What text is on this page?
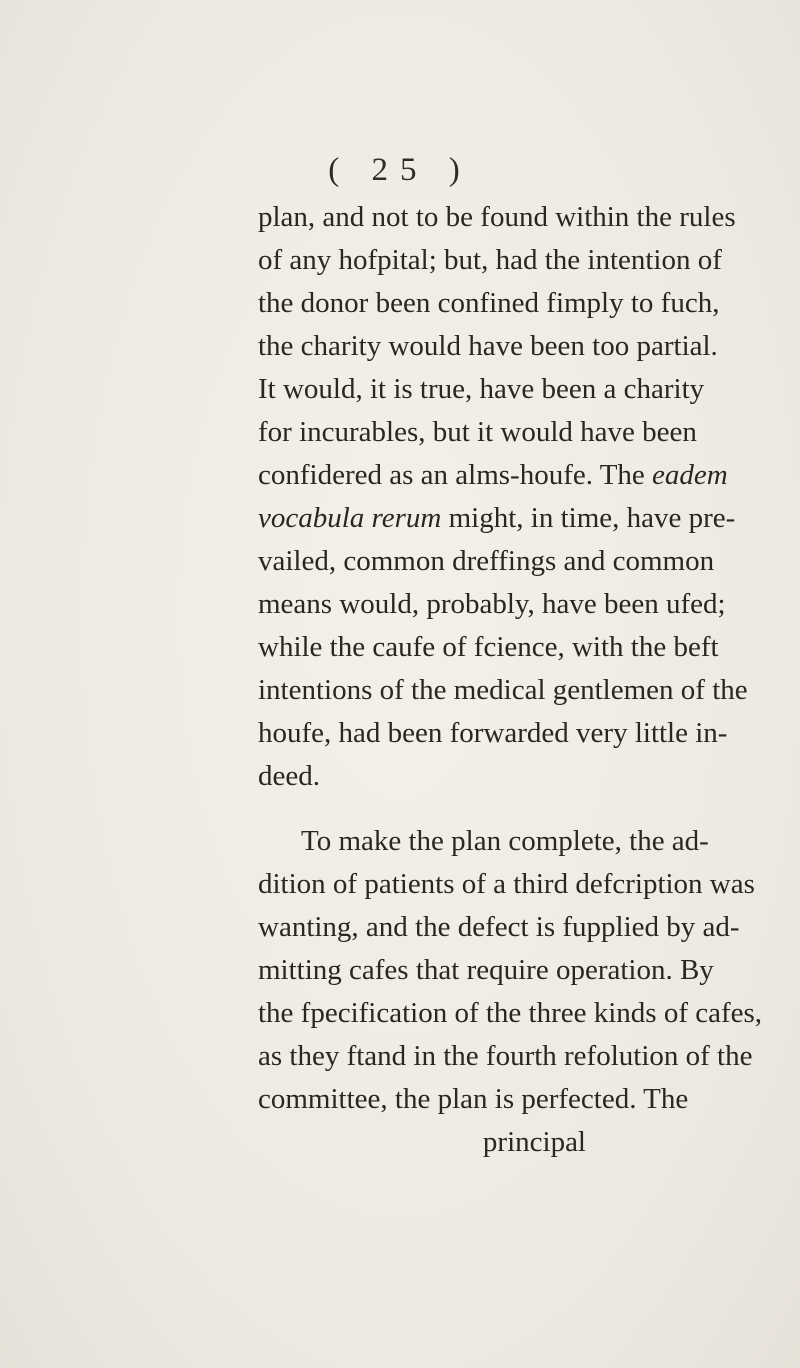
( 25 )
plan, and not to be found within the rules
of any hofpital; but, had the intention of
the donor been confined fimply to fuch,
the charity would have been too partial.
It would, it is true, have been a charity
for incurables, but it would have been
confidered as an alms-houfe. The eadem
vocabula rerum might, in time, have pre-
vailed, common dreffings and common
means would, probably, have been ufed;
while the caufe of fcience, with the beft
intentions of the medical gentlemen of the
houfe, had been forwarded very little in-
deed.
To make the plan complete, the ad-
dition of patients of a third defcription was
wanting, and the defect is fupplied by ad-
mitting cafes that require operation. By
the fpecification of the three kinds of cafes,
as they ftand in the fourth refolution of the
committee, the plan is perfected. The
principal
